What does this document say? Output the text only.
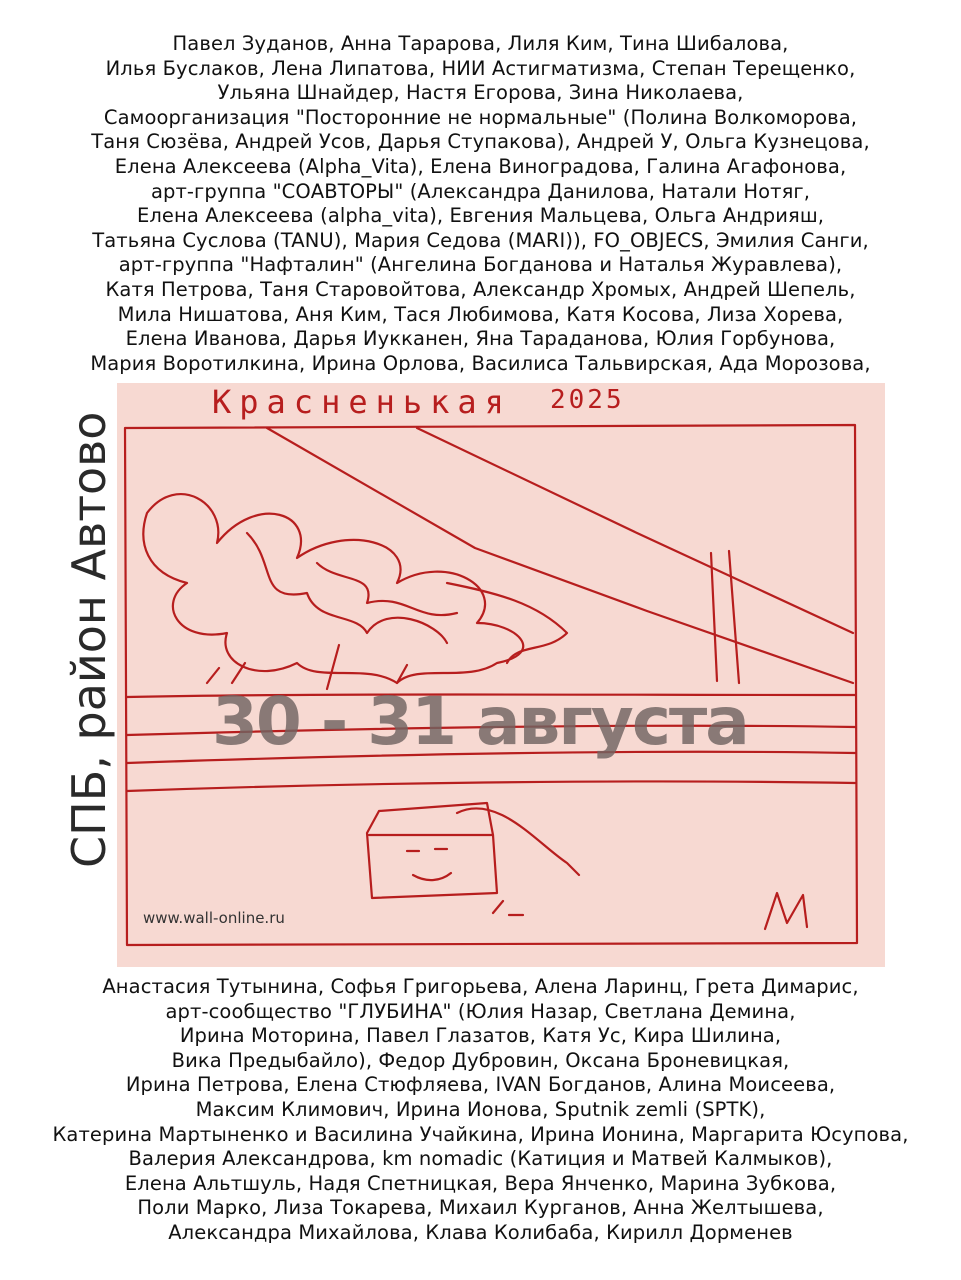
Павел Зуданов, Анна Тарарова, Лиля Ким, Тина Шибалова,
Илья Буслаков, Лена Липатова, НИИ Астигматизма, Степан Терещенко,
Ульяна Шнайдер, Настя Егорова, Зина Николаева,
Самоорганизация "Посторонние не нормальные" (Полина Волкоморова,
Таня Сюзёва, Андрей Усов, Дарья Ступакова), Андрей У, Ольга Кузнецова,
Елена Алексеева (Alpha_Vita), Елена Виноградова, Галина Агафонова,
арт-группа "СОАВТОРЫ" (Александра Данилова, Натали Нотяг,
Елена Алексеева (alpha_vita), Евгения Мальцева, Ольга Андрияш,
Татьяна Суслова (TANU), Мария Седова (MARI)), FO_OBJECS, Эмилия Санги,
арт-группа "Нафталин" (Ангелина Богданова и Наталья Журавлева),
Катя Петрова, Таня Старовойтова, Александр Хромых, Андрей Шепель,
Мила Нишатова, Аня Ким, Тася Любимова, Катя Косова, Лиза Хорева,
Елена Иванова, Дарья Иукканен, Яна Тараданова, Юлия Горбунова,
Мария Воротилкина, Ирина Орлова, Василиса Тальвирская, Ада Морозова,
Красненькая 2025
www.wall-online.ru
30 - 31 августа
СПБ, район Автово
Анастасия Тутынина, Софья Григорьева, Алена Ларинц, Грета Димарис,
арт-сообщество "ГЛУБИНА" (Юлия Назар, Светлана Демина,
Ирина Моторина, Павел Глазатов, Катя Ус, Кира Шилина,
Вика Предыбайло), Федор Дубровин, Оксана Броневицкая,
Ирина Петрова, Елена Стюфляева, IVAN Богданов, Алина Моисеева,
Максим Климович, Ирина Ионова, Sputnik zemli (SPTK),
Катерина Мартыненко и Василина Учайкина, Ирина Ионина, Маргарита Юсупова,
Валерия Александрова, km nomadic (Катиция и Матвей Калмыков),
Елена Альтшуль, Надя Спетницкая, Вера Янченко, Марина Зубкова,
Поли Марко, Лиза Токарева, Михаил Курганов, Анна Желтышева,
Александра Михайлова, Клава Колибаба, Кирилл Дорменев
